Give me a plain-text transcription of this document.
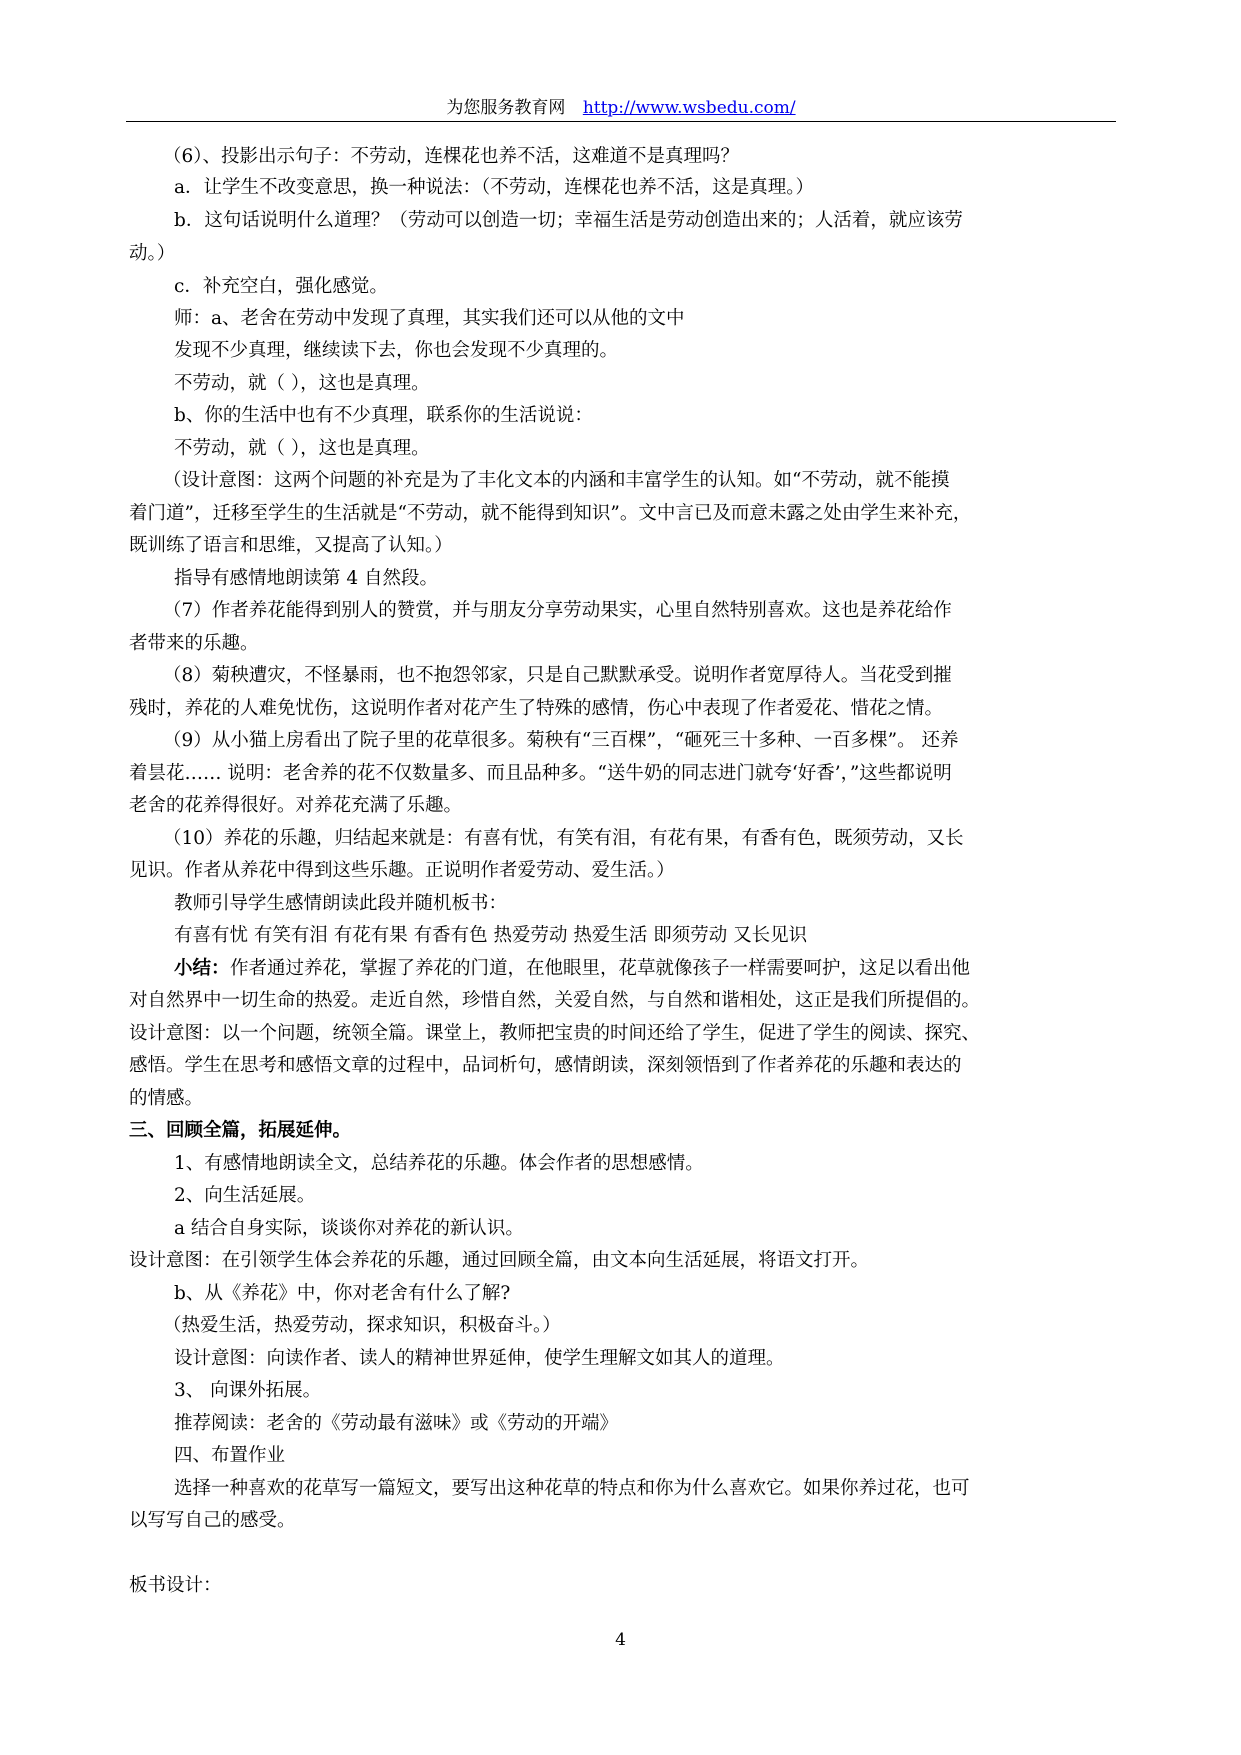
为您服务教育网 http://www.wsbedu.com/
（6）、投影出示句子：不劳动，连棵花也养不活，这难道不是真理吗？
a．让学生不改变意思，换一种说法：（不劳动，连棵花也养不活，这是真理。）
b．这句话说明什么道理？（劳动可以创造一切；幸福生活是劳动创造出来的；人活着，就应该劳
动。）
c．补充空白，强化感觉。
师：a、老舍在劳动中发现了真理，其实我们还可以从他的文中
发现不少真理，继续读下去，你也会发现不少真理的。
不劳动，就（ ），这也是真理。
b、你的生活中也有不少真理，联系你的生活说说：
不劳动，就（ ），这也是真理。
（设计意图：这两个问题的补充是为了丰化文本的内涵和丰富学生的认知。如“不劳动，就不能摸
着门道”，迁移至学生的生活就是“不劳动，就不能得到知识”。文中言已及而意未露之处由学生来补充，
既训练了语言和思维，又提高了认知。）
指导有感情地朗读第 4 自然段。
（7）作者养花能得到别人的赞赏，并与朋友分享劳动果实，心里自然特别喜欢。这也是养花给作
者带来的乐趣。
（8）菊秧遭灾，不怪暴雨，也不抱怨邻家，只是自己默默承受。说明作者宽厚待人。当花受到摧
残时，养花的人难免忧伤，这说明作者对花产生了特殊的感情，伤心中表现了作者爱花、惜花之情。
（9）从小猫上房看出了院子里的花草很多。菊秧有“三百棵”，“砸死三十多种、一百多棵”。 还养
着昙花…… 说明：老舍养的花不仅数量多、而且品种多。“送牛奶的同志进门就夸‘好香’，”这些都说明
老舍的花养得很好。对养花充满了乐趣。
（10）养花的乐趣，归结起来就是：有喜有忧，有笑有泪，有花有果，有香有色，既须劳动，又长
见识。作者从养花中得到这些乐趣。正说明作者爱劳动、爱生活。）
教师引导学生感情朗读此段并随机板书：
有喜有忧 有笑有泪 有花有果 有香有色 热爱劳动 热爱生活 即须劳动 又长见识
小结： 作者通过养花，掌握了养花的门道，在他眼里，花草就像孩子一样需要呵护，这足以看出他
对自然界中一切生命的热爱。走近自然，珍惜自然，关爱自然，与自然和谐相处，这正是我们所提倡的。
设计意图：以一个问题，统领全篇。课堂上，教师把宝贵的时间还给了学生，促进了学生的阅读、探究、
感悟。学生在思考和感悟文章的过程中，品词析句，感情朗读，深刻领悟到了作者养花的乐趣和表达的
的情感。
三、回顾全篇，拓展延伸。
1、有感情地朗读全文，总结养花的乐趣。体会作者的思想感情。
2、向生活延展。
a 结合自身实际，谈谈你对养花的新认识。
设计意图：在引领学生体会养花的乐趣，通过回顾全篇，由文本向生活延展，将语文打开。
b、从《养花》中，你对老舍有什么了解?
（热爱生活，热爱劳动，探求知识，积极奋斗。）
设计意图：向读作者、读人的精神世界延伸，使学生理解文如其人的道理。
3、 向课外拓展。
推荐阅读：老舍的《劳动最有滋味》或《劳动的开端》
四、布置作业
选择一种喜欢的花草写一篇短文，要写出这种花草的特点和你为什么喜欢它。如果你养过花，也可
以写写自己的感受。
板书设计：
4
